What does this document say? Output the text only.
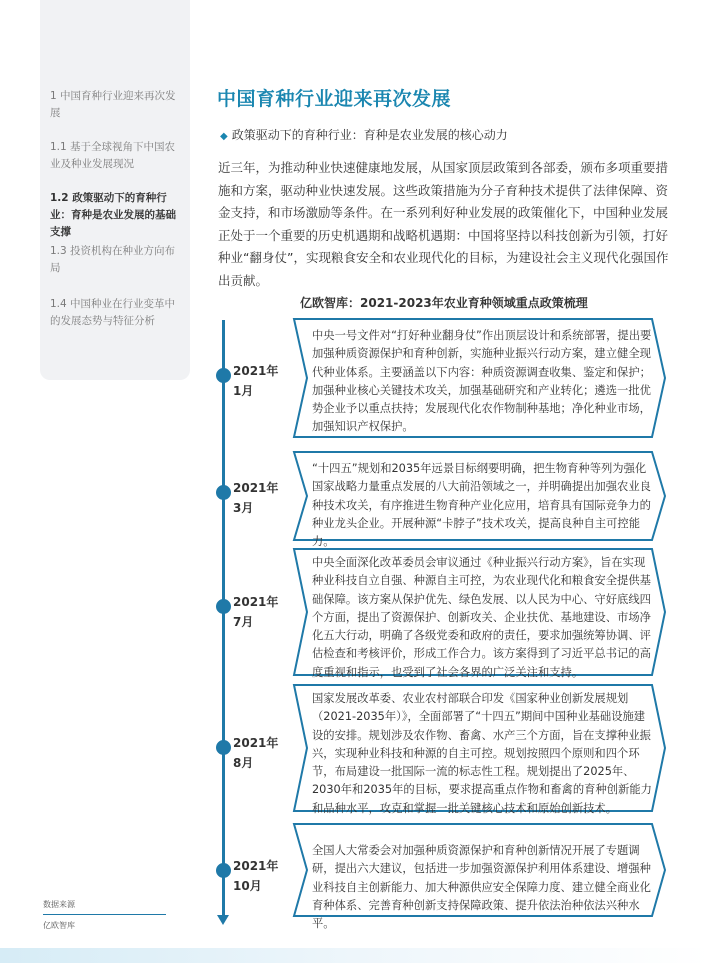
1 中国育种行业迎来再次发展
1.1 基于全球视角下中国农业及种业发展现况
1.2 政策驱动下的育种行业：育种是农业发展的基础支撑
1.3 投资机构在种业方向布局
1.4 中国种业在行业变革中的发展态势与特征分析
中国育种行业迎来再次发展
◆ 政策驱动下的育种行业：育种是农业发展的核心动力
近三年，为推动种业快速健康地发展，从国家顶层政策到各部委，颁布多项重要措施和方案，驱动种业快速发展。这些政策措施为分子育种技术提供了法律保障、资金支持，和市场激励等条件。在一系列利好种业发展的政策催化下，中国种业发展正处于一个重要的历史机遇期和战略机遇期：中国将坚持以科技创新为引领，打好种业“翻身仗”，实现粮食安全和农业现代化的目标，为建设社会主义现代化强国作出贡献。
亿欧智库：2021-2023年农业育种领域重点政策梳理
2021年
1月
中央一号文件对“打好种业翻身仗”作出顶层设计和系统部署，提出要加强种质资源保护和育种创新，实施种业振兴行动方案，建立健全现代种业体系。主要涵盖以下内容：种质资源调查收集、鉴定和保护；加强种业核心关键技术攻关，加强基础研究和产业转化；遴选一批优势企业予以重点扶持；发展现代化农作物制种基地；净化种业市场，加强知识产权保护。
2021年
3月
“十四五”规划和2035年远景目标纲要明确，把生物育种等列为强化国家战略力量重点发展的八大前沿领域之一，并明确提出加强农业良种技术攻关，有序推进生物育种产业化应用，培育具有国际竞争力的种业龙头企业。开展种源“卡脖子”技术攻关，提高良种自主可控能力。
2021年
7月
中央全面深化改革委员会审议通过《种业振兴行动方案》，旨在实现种业科技自立自强、种源自主可控，为农业现代化和粮食安全提供基础保障。该方案从保护优先、绿色发展、以人民为中心、守好底线四个方面，提出了资源保护、创新攻关、企业扶优、基地建设、市场净化五大行动，明确了各级党委和政府的责任，要求加强统筹协调、评估检查和考核评价，形成工作合力。该方案得到了习近平总书记的高度重视和指示，也受到了社会各界的广泛关注和支持。
2021年
8月
国家发展改革委、农业农村部联合印发《国家种业创新发展规划（2021-2035年）》，全面部署了“十四五”期间中国种业基础设施建设的安排。规划涉及农作物、畜禽、水产三个方面，旨在支撑种业振兴，实现种业科技和种源的自主可控。规划按照四个原则和四个环节，布局建设一批国际一流的标志性工程。规划提出了2025年、2030年和2035年的目标，要求提高重点作物和畜禽的育种创新能力和品种水平，攻克和掌握一批关键核心技术和原始创新技术。
2021年
10月
全国人大常委会对加强种质资源保护和育种创新情况开展了专题调研，提出六大建议，包括进一步加强资源保护利用体系建设、增强种业科技自主创新能力、加大种源供应安全保障力度、建立健全商业化育种体系、完善育种创新支持保障政策、提升依法治种依法兴种水平。
数据来源
亿欧智库
